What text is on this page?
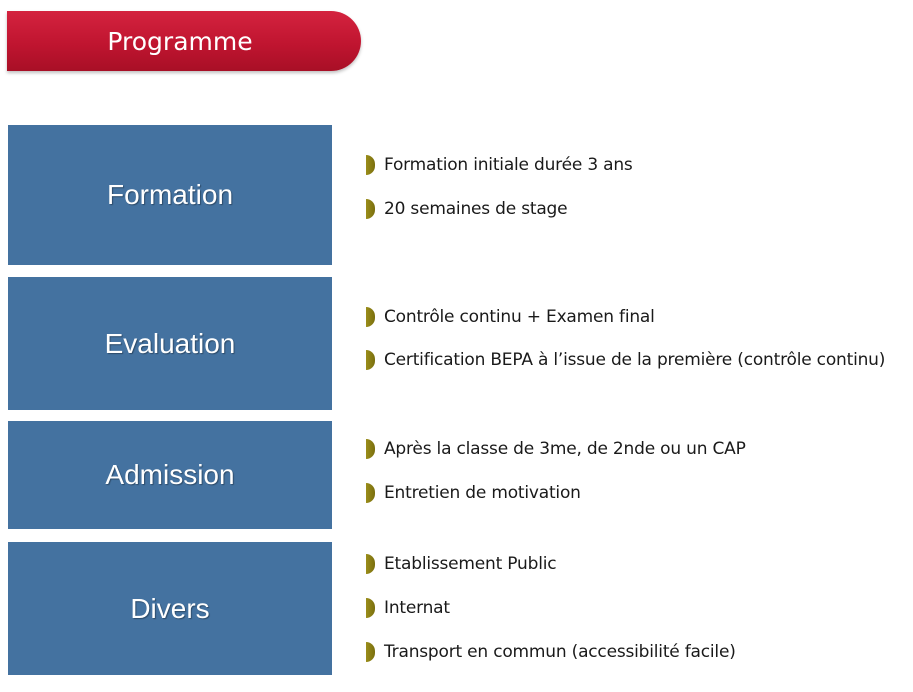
Programme
Formation
Formation initiale durée 3 ans
20 semaines de stage
Evaluation
Contrôle continu + Examen final
Certification BEPA à l’issue de la première (contrôle continu)
Admission
Après la classe de 3me, de 2nde ou un CAP
Entretien de motivation
Divers
Etablissement Public
Internat
Transport en commun (accessibilité facile)
